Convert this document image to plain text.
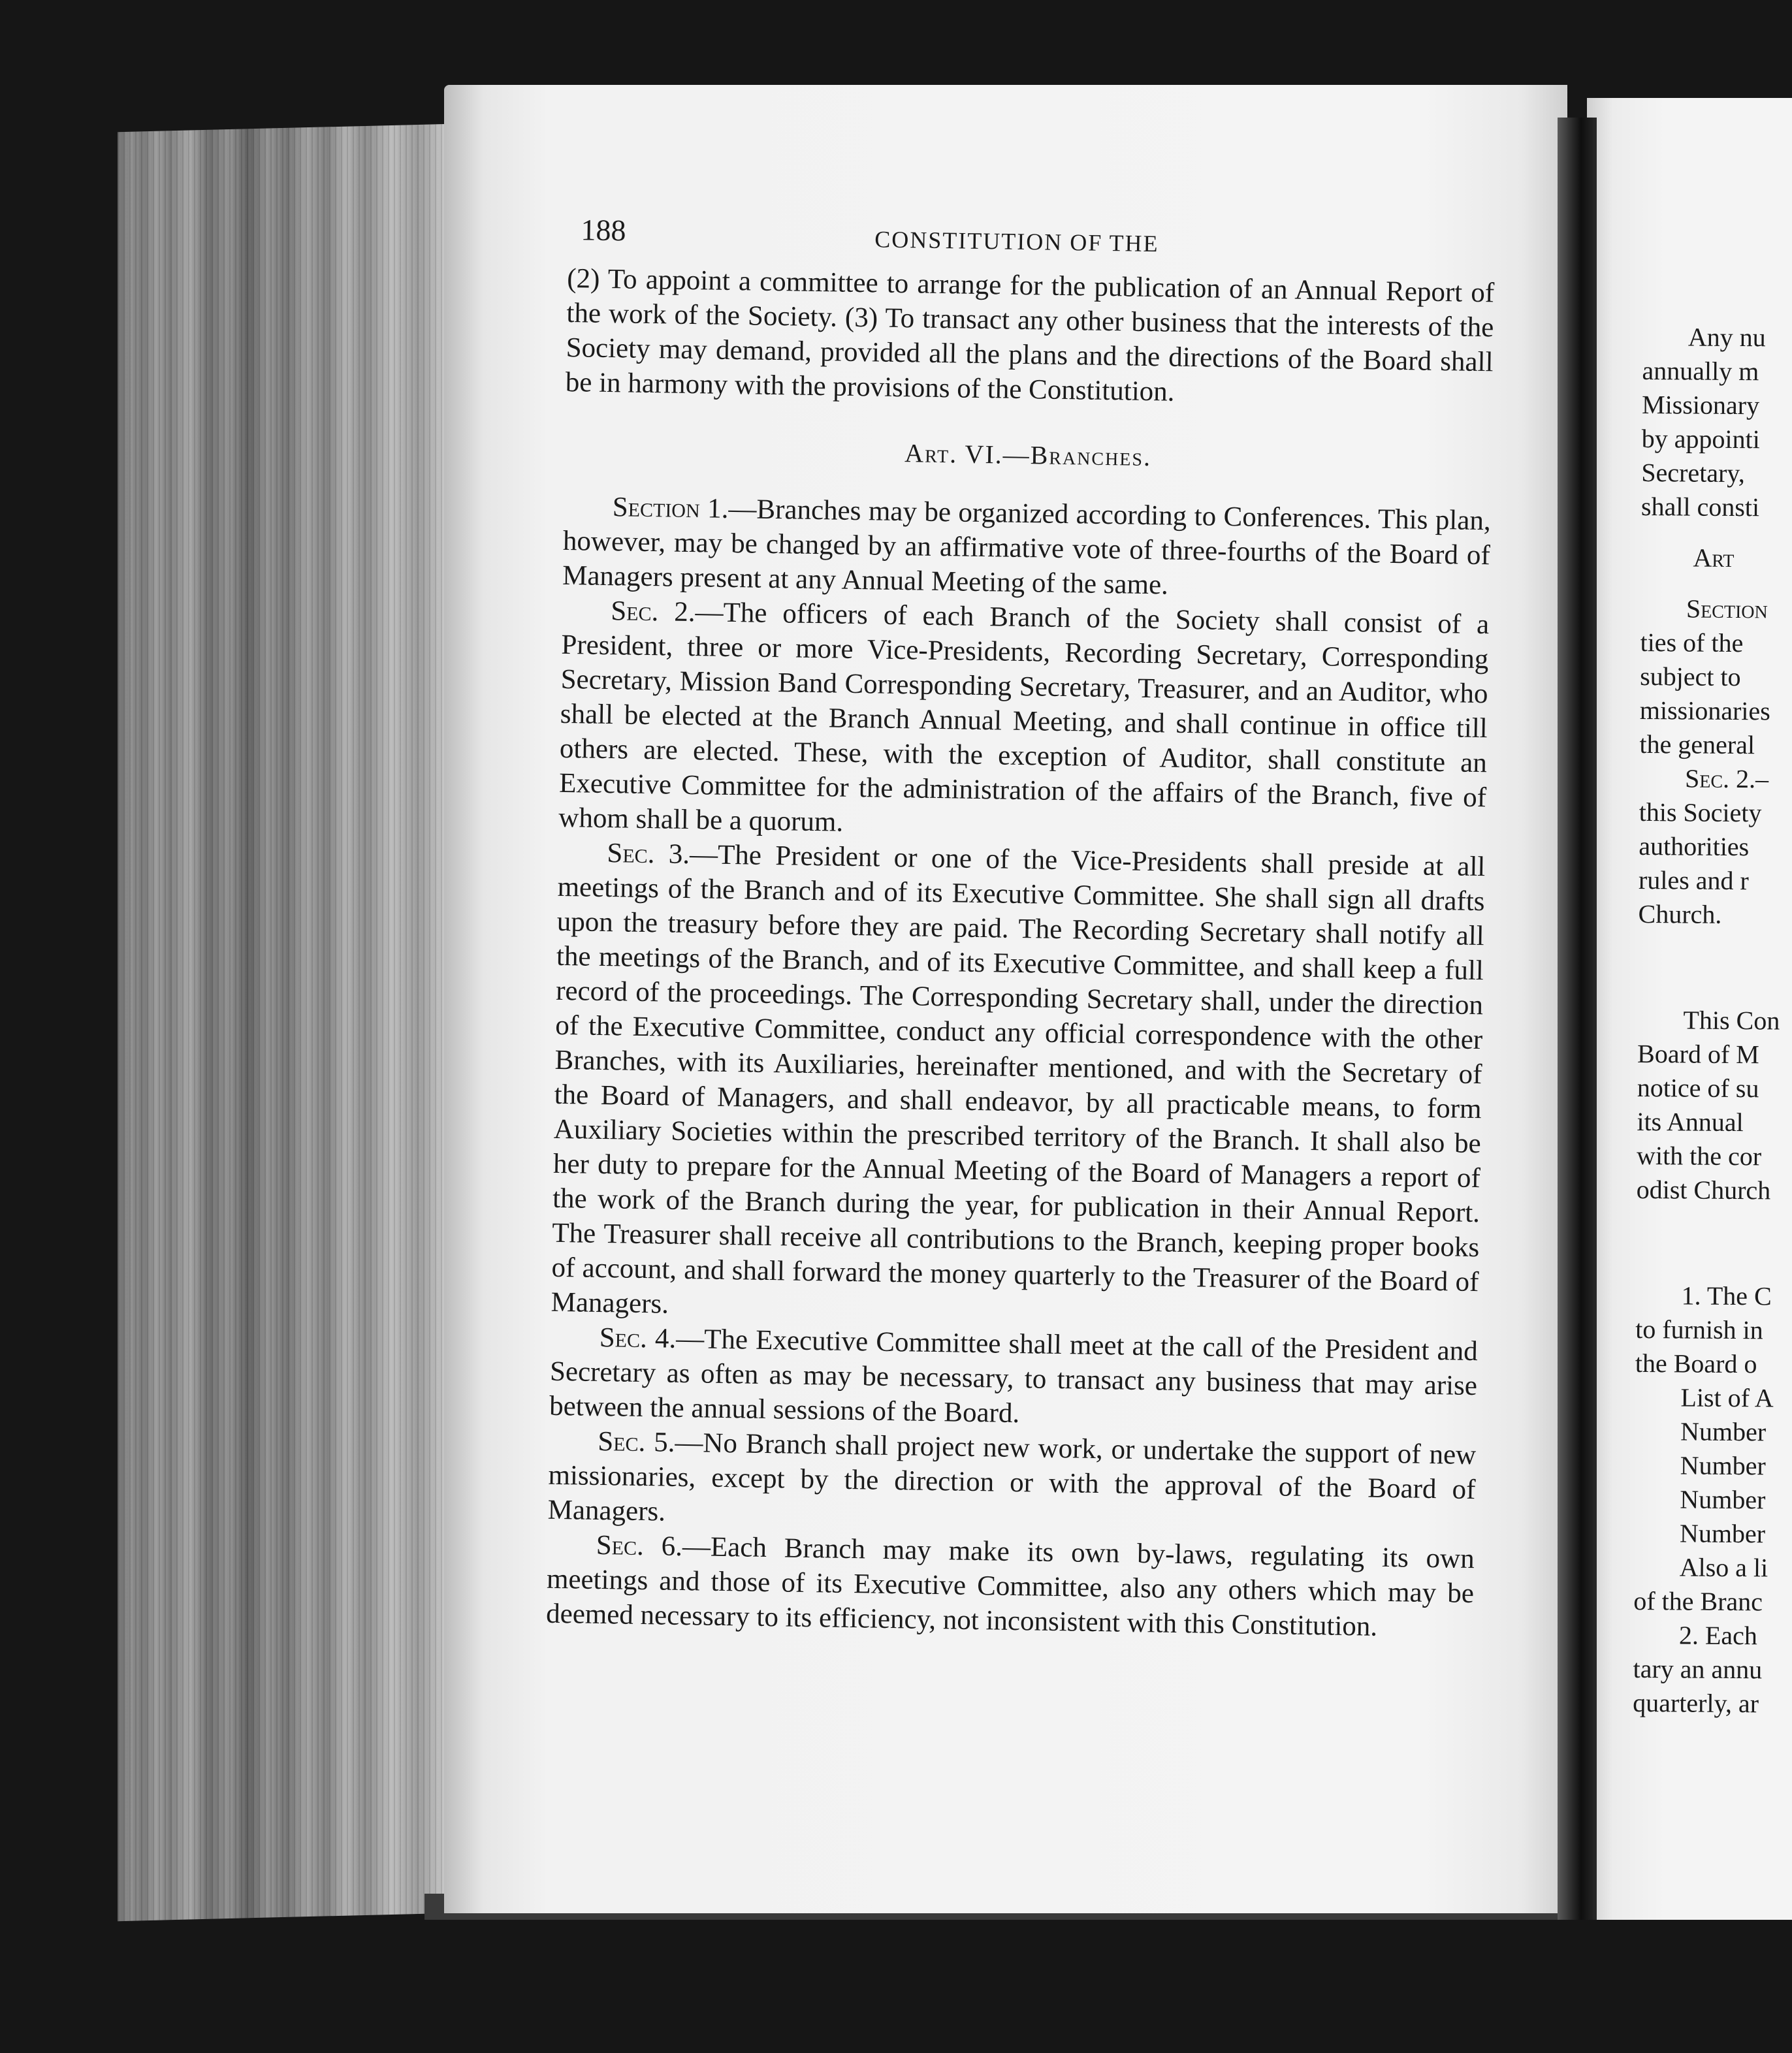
188	CONSTITUTION OF THE

(2) To appoint a committee to arrange for the publication of an Annual Report of the work of the Society. (3) To transact any other business that the interests of the Society may demand, provided all the plans and the directions of the Board shall be in harmony with the provisions of the Constitution.

Art. VI.—Branches.

Section 1.—Branches may be organized according to Conferences. This plan, however, may be changed by an affirmative vote of three-fourths of the Board of Managers present at any Annual Meeting of the same.

Sec. 2.—The officers of each Branch of the Society shall consist of a President, three or more Vice-Presidents, Recording Secretary, Corresponding Secretary, Mission Band Corresponding Secretary, Treasurer, and an Auditor, who shall be elected at the Branch Annual Meeting, and shall continue in office till others are elected. These, with the exception of Auditor, shall constitute an Executive Committee for the administration of the affairs of the Branch, five of whom shall be a quorum.

Sec. 3.—The President or one of the Vice-Presidents shall preside at all meetings of the Branch and of its Executive Committee. She shall sign all drafts upon the treasury before they are paid. The Recording Secretary shall notify all the meetings of the Branch, and of its Executive Committee, and shall keep a full record of the proceedings. The Corresponding Secretary shall, under the direction of the Executive Committee, conduct any official correspondence with the other Branches, with its Auxiliaries, hereinafter mentioned, and with the Secretary of the Board of Managers, and shall endeavor, by all practicable means, to form Auxiliary Societies within the prescribed territory of the Branch. It shall also be her duty to prepare for the Annual Meeting of the Board of Managers a report of the work of the Branch during the year, for publication in their Annual Report. The Treasurer shall receive all contributions to the Branch, keeping proper books of account, and shall forward the money quarterly to the Treasurer of the Board of Managers.

Sec. 4.—The Executive Committee shall meet at the call of the President and Secretary as often as may be necessary, to transact any business that may arise between the annual sessions of the Board.

Sec. 5.—No Branch shall project new work, or undertake the support of new missionaries, except by the direction or with the approval of the Board of Managers.

Sec. 6.—Each Branch may make its own by-laws, regulating its own meetings and those of its Executive Committee, also any others which may be deemed necessary to its efficiency, not inconsistent with this Constitution.

Any nu
annually m
Missionary
by appointi
Secretary,
shall consti
Art
Section
ties of the
subject to
missionaries
the general
Sec. 2.–
this Society
authorities
rules and r
Church.
This Con
Board of M
notice of su
its Annual
with the cor
odist Church
1. The C
to furnish in
the Board o
List of A
Number
Number
Number
Number
Also a li
of the Branc
2. Each
tary an annu
quarterly, ar
